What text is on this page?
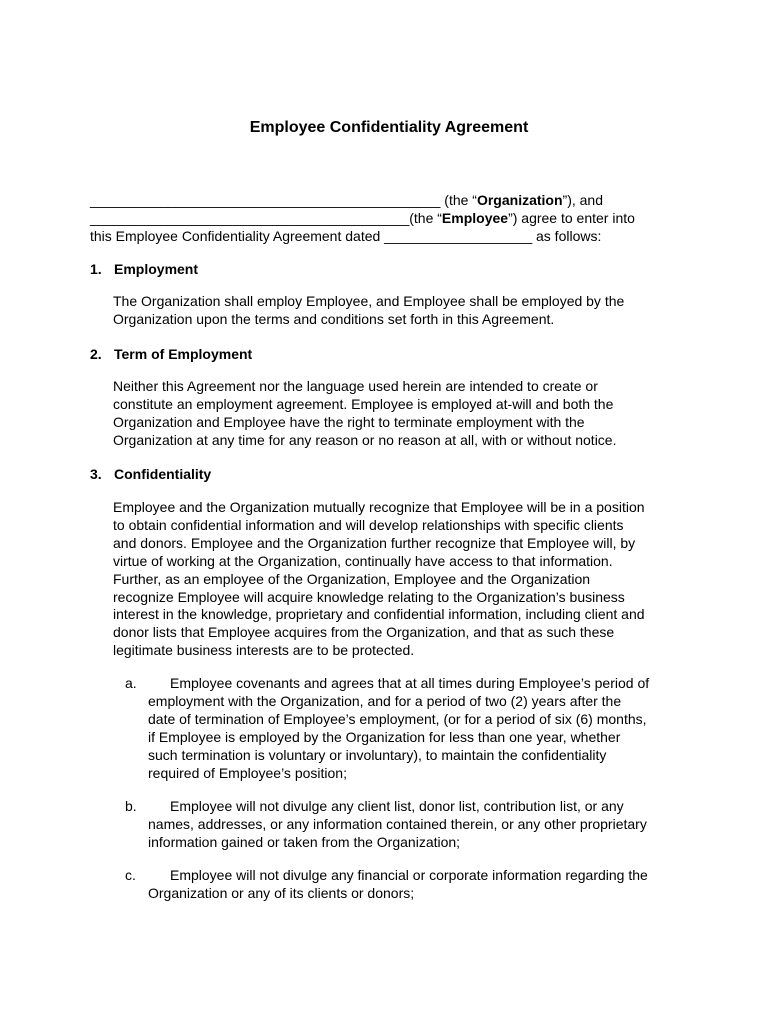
Employee Confidentiality Agreement
_____________________________________________ (the “Organization”), and
_________________________________________(the “Employee”) agree to enter into
this Employee Confidentiality Agreement dated ___________________ as follows:
1. Employment
The Organization shall employ Employee, and Employee shall be employed by the
Organization upon the terms and conditions set forth in this Agreement.
2. Term of Employment
Neither this Agreement nor the language used herein are intended to create or
constitute an employment agreement. Employee is employed at-will and both the
Organization and Employee have the right to terminate employment with the
Organization at any time for any reason or no reason at all, with or without notice.
3. Confidentiality
Employee and the Organization mutually recognize that Employee will be in a position
to obtain confidential information and will develop relationships with specific clients
and donors. Employee and the Organization further recognize that Employee will, by
virtue of working at the Organization, continually have access to that information.
Further, as an employee of the Organization, Employee and the Organization
recognize Employee will acquire knowledge relating to the Organization’s business
interest in the knowledge, proprietary and confidential information, including client and
donor lists that Employee acquires from the Organization, and that as such these
legitimate business interests are to be protected.
a. Employee covenants and agrees that at all times during Employee’s period of
employment with the Organization, and for a period of two (2) years after the
date of termination of Employee’s employment, (or for a period of six (6) months,
if Employee is employed by the Organization for less than one year, whether
such termination is voluntary or involuntary), to maintain the confidentiality
required of Employee’s position;
b. Employee will not divulge any client list, donor list, contribution list, or any
names, addresses, or any information contained therein, or any other proprietary
information gained or taken from the Organization;
c. Employee will not divulge any financial or corporate information regarding the
Organization or any of its clients or donors;
